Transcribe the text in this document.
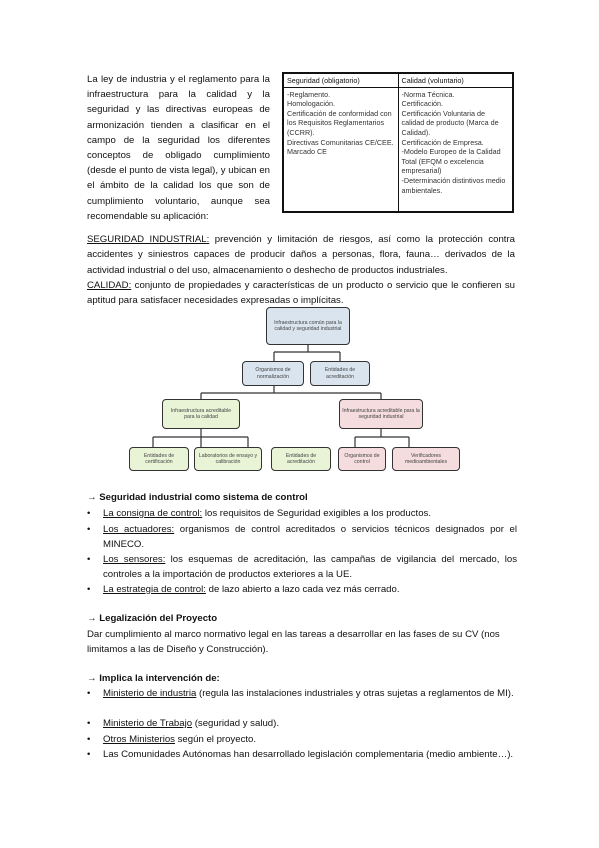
La ley de industria y el reglamento para la infraestructura para la calidad y la seguridad y las directivas europeas de armonización tienden a clasificar en el campo de la seguridad los diferentes conceptos de obligado cumplimiento (desde el punto de vista legal), y ubican en el ámbito de la calidad los que son de cumplimiento voluntario, aunque sea recomendable su aplicación:
Seguridad (obligatorio)
-Reglamento.
Homologación.
Certificación de conformidad con los Requisitos Reglamentarios (CCRR).
Directivas Comunitarias CE/CEE.
Marcado CE
Calidad (voluntario)
-Norma Técnica.
Certificación.
Certificación Voluntaria de calidad de producto (Marca de Calidad).
Certificación de Empresa.
-Modelo Europeo de la Calidad Total (EFQM o excelencia empresarial)
-Determinación distintivos medio ambientales.
SEGURIDAD INDUSTRIAL: prevención y limitación de riesgos, así como la protección contra accidentes y siniestros capaces de producir daños a personas, flora, fauna… derivados de la actividad industrial o del uso, almacenamiento o deshecho de productos industriales.
CALIDAD: conjunto de propiedades y características de un producto o servicio que le confieren su aptitud para satisfacer necesidades expresadas o implícitas.
Infraestructura común para la calidad y seguridad industrial
Organismos de normalización
Entidades de acreditación
Infraestructura acreditable para la calidad
Infraestructura acreditable para la seguridad industrial
Entidades de certificación
Laboratorios de ensayo y calibración
Entidades de acreditación
Organismos de control
Verificadores medioambientales
→ Seguridad industrial como sistema de control
• La consigna de control: los requisitos de Seguridad exigibles a los productos.
• Los actuadores: organismos de control acreditados o servicios técnicos designados por el MINECO.
• Los sensores: los esquemas de acreditación, las campañas de vigilancia del mercado, los controles a la importación de productos exteriores a la UE.
• La estrategia de control: de lazo abierto a lazo cada vez más cerrado.
→ Legalización del Proyecto
Dar cumplimiento al marco normativo legal en las tareas a desarrollar en las fases de su CV (nos limitamos a las de Diseño y Construcción).
→ Implica la intervención de:
• Ministerio de industria (regula las instalaciones industriales y otras sujetas a reglamentos de MI).
• Ministerio de Trabajo (seguridad y salud).
• Otros Ministerios según el proyecto.
• Las Comunidades Autónomas han desarrollado legislación complementaria (medio ambiente…).
